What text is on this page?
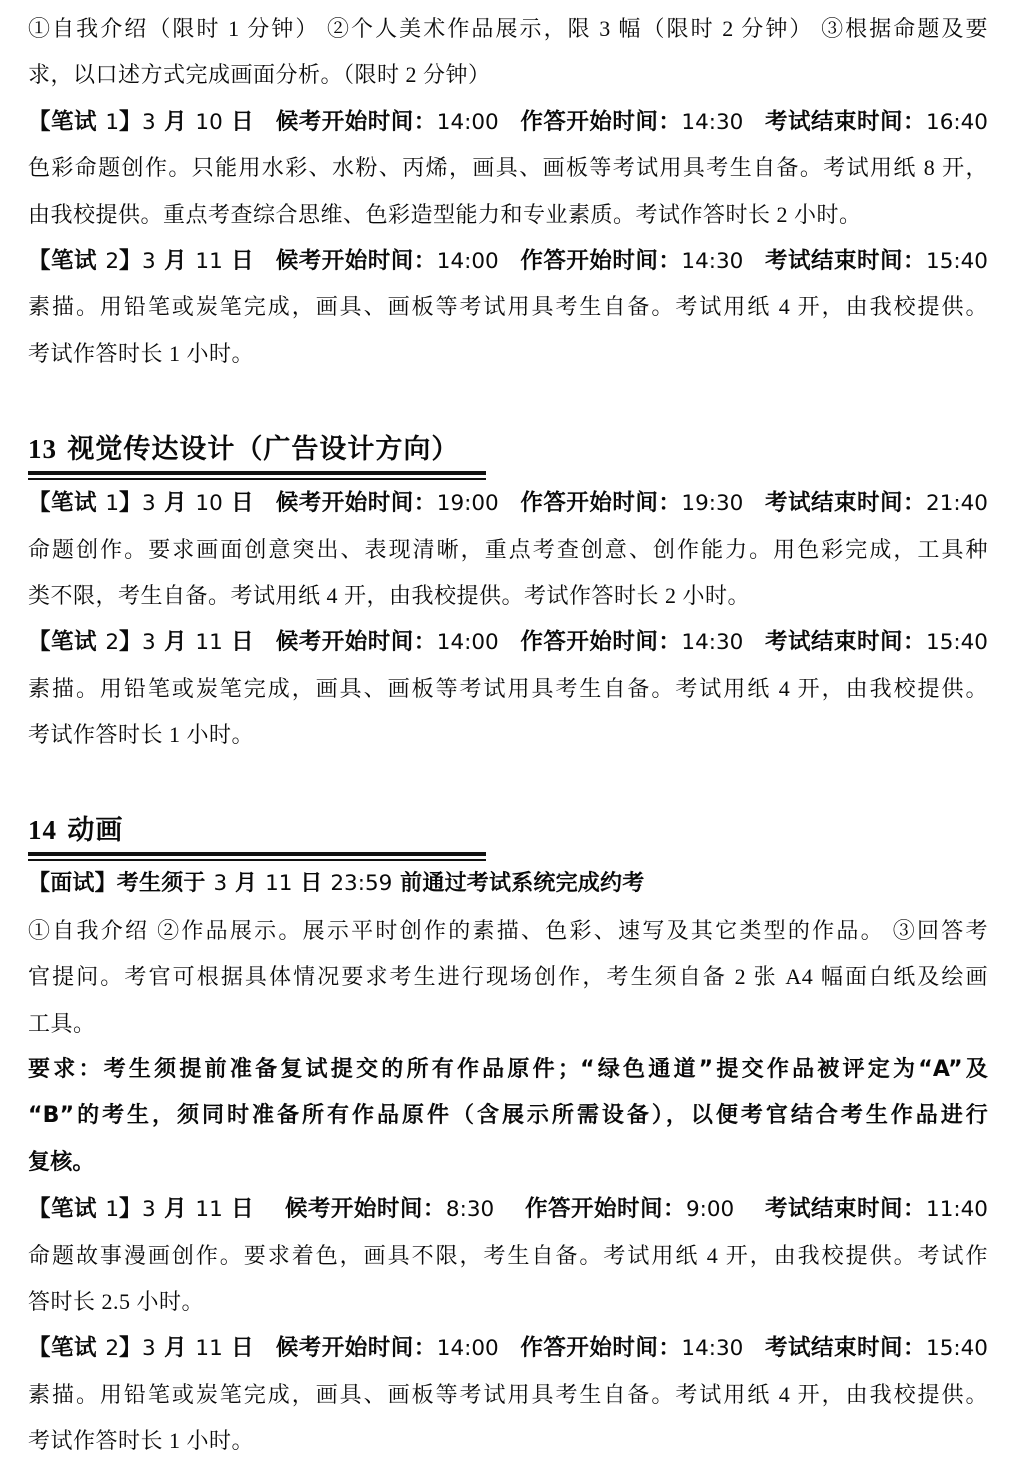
①自我介绍（限时 1 分钟） ②个人美术作品展示，限 3 幅（限时 2 分钟） ③根据命题及要
求，以口述方式完成画面分析。（限时 2 分钟）
【笔试 1】3 月 10 日 候考开始时间：14:00 作答开始时间：14:30 考试结束时间：16:40
色彩命题创作。只能用水彩、水粉、丙烯，画具、画板等考试用具考生自备。考试用纸 8 开，
由我校提供。重点考查综合思维、色彩造型能力和专业素质。考试作答时长 2 小时。
【笔试 2】3 月 11 日 候考开始时间：14:00 作答开始时间：14:30 考试结束时间：15:40
素描。用铅笔或炭笔完成，画具、画板等考试用具考生自备。考试用纸 4 开，由我校提供。
考试作答时长 1 小时。
13 视觉传达设计（广告设计方向）
【笔试 1】3 月 10 日 候考开始时间：19:00 作答开始时间：19:30 考试结束时间：21:40
命题创作。要求画面创意突出、表现清晰，重点考查创意、创作能力。用色彩完成，工具种
类不限，考生自备。考试用纸 4 开，由我校提供。考试作答时长 2 小时。
【笔试 2】3 月 11 日 候考开始时间：14:00 作答开始时间：14:30 考试结束时间：15:40
素描。用铅笔或炭笔完成，画具、画板等考试用具考生自备。考试用纸 4 开，由我校提供。
考试作答时长 1 小时。
14 动画
【面试】考生须于 3 月 11 日 23:59 前通过考试系统完成约考
①自我介绍 ②作品展示。展示平时创作的素描、色彩、速写及其它类型的作品。 ③回答考
官提问。考官可根据具体情况要求考生进行现场创作，考生须自备 2 张 A4 幅面白纸及绘画
工具。
要求：考生须提前准备复试提交的所有作品原件；“绿色通道”提交作品被评定为“A”及
“B”的考生，须同时准备所有作品原件（含展示所需设备），以便考官结合考生作品进行
复核。
【笔试 1】3 月 11 日 候考开始时间：8:30 作答开始时间：9:00 考试结束时间：11:40
命题故事漫画创作。要求着色，画具不限，考生自备。考试用纸 4 开，由我校提供。考试作
答时长 2.5 小时。
【笔试 2】3 月 11 日 候考开始时间：14:00 作答开始时间：14:30 考试结束时间：15:40
素描。用铅笔或炭笔完成，画具、画板等考试用具考生自备。考试用纸 4 开，由我校提供。
考试作答时长 1 小时。
